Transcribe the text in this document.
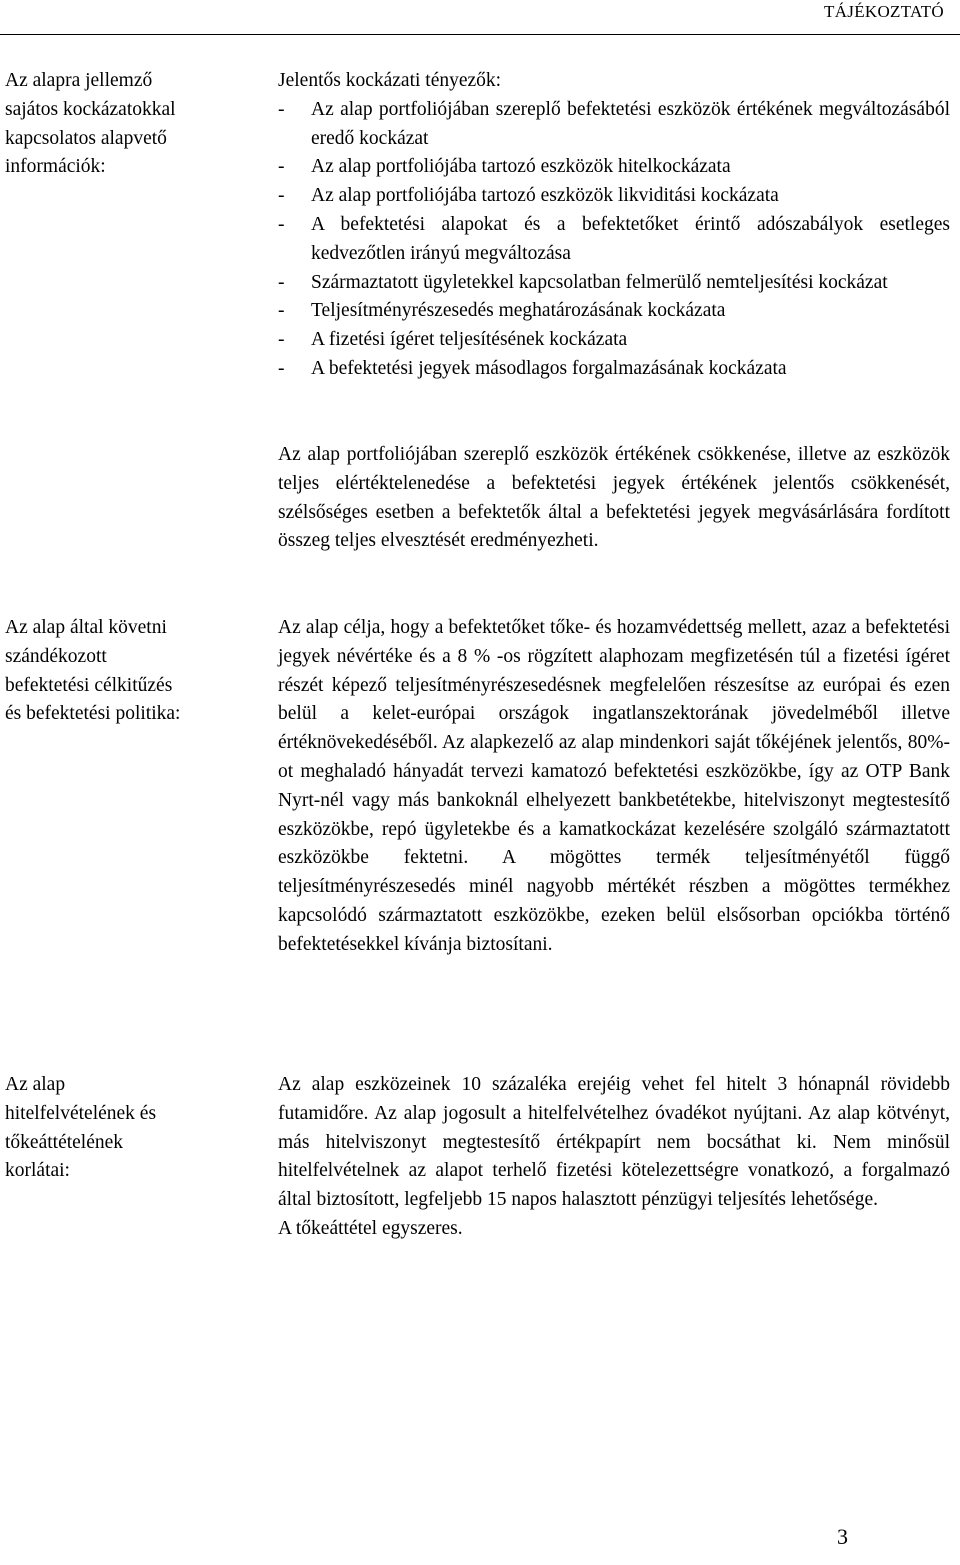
TÁJÉKOZTATÓ
Az alapra jellemző
sajátos kockázatokkal
kapcsolatos alapvető
információk:

Jelentős kockázati tényezők:

- Az alap portfoliójában szereplő befektetési eszközök értékének megváltozásából eredő kockázat
- Az alap portfoliójába tartozó eszközök hitelkockázata
- Az alap portfoliójába tartozó eszközök likviditási kockázata
- A befektetési alapokat és a befektetőket érintő adószabályok esetleges kedvezőtlen irányú megváltozása
- Származtatott ügyletekkel kapcsolatban felmerülő nemteljesítési kockázat
- Teljesítményrészesedés meghatározásának kockázata
- A fizetési ígéret teljesítésének kockázata
- A befektetési jegyek másodlagos forgalmazásának kockázata

Az alap portfoliójában szereplő eszközök értékének csökkenése, illetve az eszközök teljes elértéktelenedése a befektetési jegyek értékének jelentős csökkenését, szélsőséges esetben a befektetők által a befektetési jegyek megvásárlására fordított összeg teljes elvesztését eredményezheti.

Az alap által követni
szándékozott
befektetési célkitűzés
és befektetési politika:

Az alap célja, hogy a befektetőket tőke- és hozamvédettség mellett, azaz a befektetési jegyek névértéke és a 8 % -os rögzített alaphozam megfizetésén túl a fizetési ígéret részét képező teljesítményrészesedésnek megfelelően részesítse az európai és ezen belül a kelet-európai országok ingatlanszektorának jövedelméből illetve értéknövekedéséből. Az alapkezelő az alap mindenkori saját tőkéjének jelentős, 80%-ot meghaladó hányadát tervezi kamatozó befektetési eszközökbe, így az OTP Bank Nyrt-nél vagy más bankoknál elhelyezett bankbetétekbe, hitelviszonyt megtestesítő eszközökbe, repó ügyletekbe és a kamatkockázat kezelésére szolgáló származtatott eszközökbe fektetni. A mögöttes termék teljesítményétől függő teljesítményrészesedés minél nagyobb mértékét részben a mögöttes termékhez kapcsolódó származtatott eszközökbe, ezeken belül elsősorban opciókba történő befektetésekkel kívánja biztosítani.

Az alap
hitelfelvételének és
tőkeáttételének
korlátai:

Az alap eszközeinek 10 százaléka erejéig vehet fel hitelt 3 hónapnál rövidebb futamidőre. Az alap jogosult a hitelfelvételhez óvadékot nyújtani. Az alap kötvényt, más hitelviszonyt megtestesítő értékpapírt nem bocsáthat ki. Nem minősül hitelfelvételnek az alapot terhelő fizetési kötelezettségre vonatkozó, a forgalmazó által biztosított, legfeljebb 15 napos halasztott pénzügyi teljesítés lehetősége.

A tőkeáttétel egyszeres.

3
